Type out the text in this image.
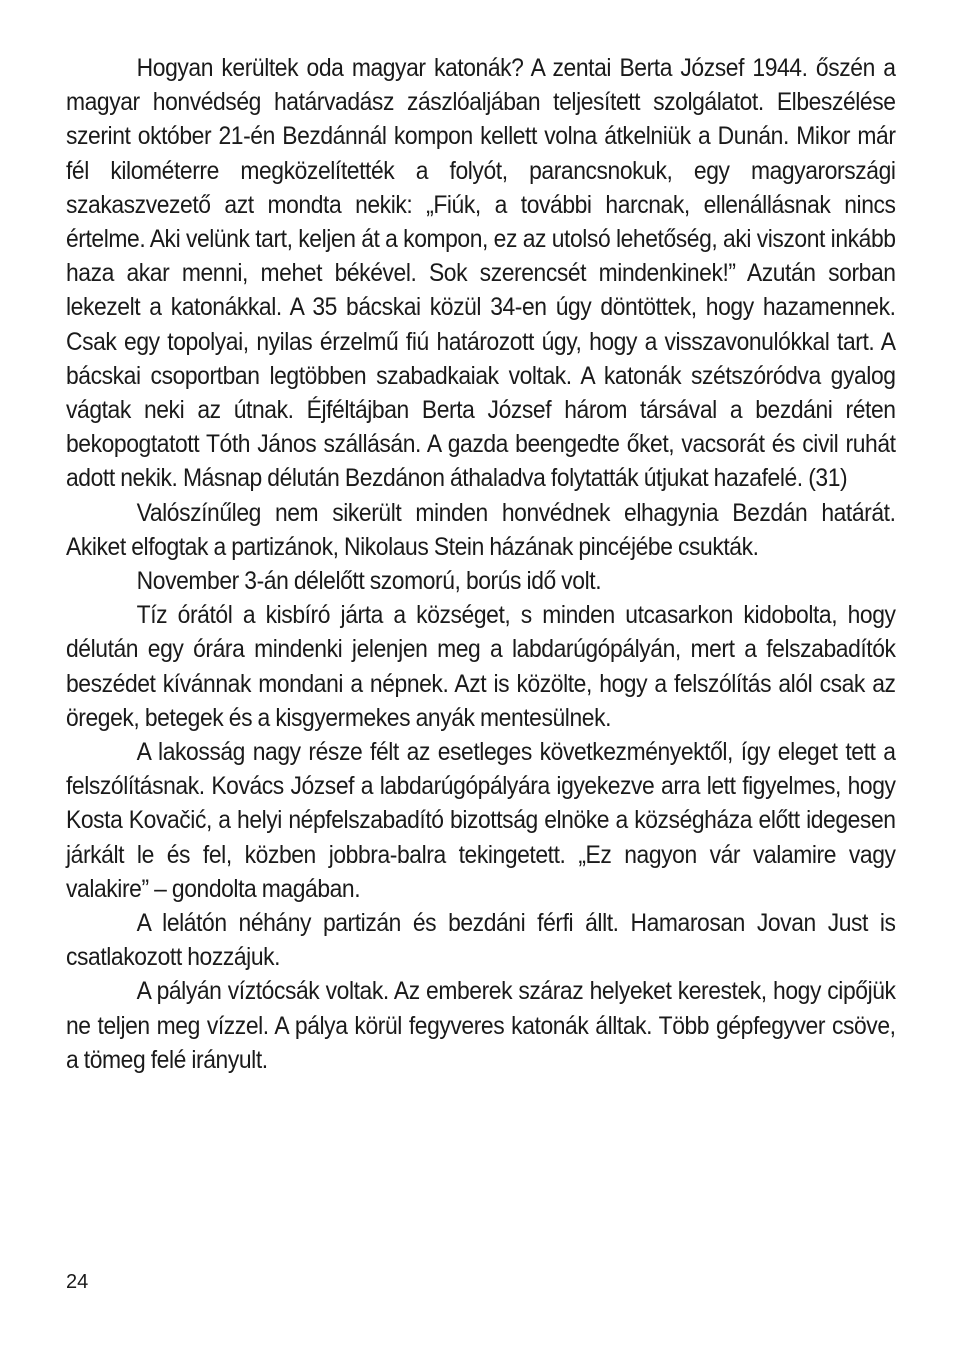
Hogyan kerültek oda magyar katonák? A zentai Berta József 1944. őszén a magyar honvédség határvadász zászlóaljában teljesített szolgálatot. Elbeszélése szerint október 21-én Bezdánnál kompon kellett volna átkelniük a Dunán. Mikor már fél kilométerre megközelítették a folyót, parancsnokuk, egy magyarországi szakaszvezető azt mondta nekik: „Fiúk, a további harcnak, ellenállásnak nincs értelme. Aki velünk tart, keljen át a kompon, ez az utolsó lehetőség, aki viszont inkább haza akar menni, mehet békével. Sok szerencsét mindenkinek!” Azután sorban lekezelt a katonákkal. A 35 bácskai közül 34-en úgy döntöttek, hogy hazamennek. Csak egy topolyai, nyilas érzelmű fiú határozott úgy, hogy a visszavonulókkal tart. A bácskai csoportban legtöbben szabadkaiak voltak. A katonák szétszóródva gyalog vágtak neki az útnak. Éjféltájban Berta József három társával a bezdáni réten bekopogtatott Tóth János szállásán. A gazda beengedte őket, vacsorát és civil ruhát adott nekik. Másnap délután Bezdánon áthaladva folytatták útjukat hazafelé. (31)

Valószínűleg nem sikerült minden honvédnek elhagynia Bezdán határát. Akiket elfogtak a partizánok, Nikolaus Stein házának pincéjébe csukták.

November 3-án délelőtt szomorú, borús idő volt.

Tíz órától a kisbíró járta a községet, s minden utcasarkon kidobolta, hogy délután egy órára mindenki jelenjen meg a labdarúgópályán, mert a felszabadítók beszédet kívánnak mondani a népnek. Azt is közölte, hogy a felszólítás alól csak az öregek, betegek és a kisgyermekes anyák mentesülnek.

A lakosság nagy része félt az esetleges következményektől, így eleget tett a felszólításnak. Kovács József a labdarúgópályára igyekezve arra lett figyelmes, hogy Kosta Kovačić, a helyi népfelszabadító bizottság elnöke a községháza előtt idegesen járkált le és fel, közben jobbra-balra tekingetett. „Ez nagyon vár valamire vagy valakire” – gondolta magában.

A lelátón néhány partizán és bezdáni férfi állt. Hamarosan Jovan Just is csatlakozott hozzájuk.

A pályán víztócsák voltak. Az emberek száraz helyeket kerestek, hogy cipőjük ne teljen meg vízzel. A pálya körül fegyveres katonák álltak. Több gépfegyver csöve, a tömeg felé irányult.

24
